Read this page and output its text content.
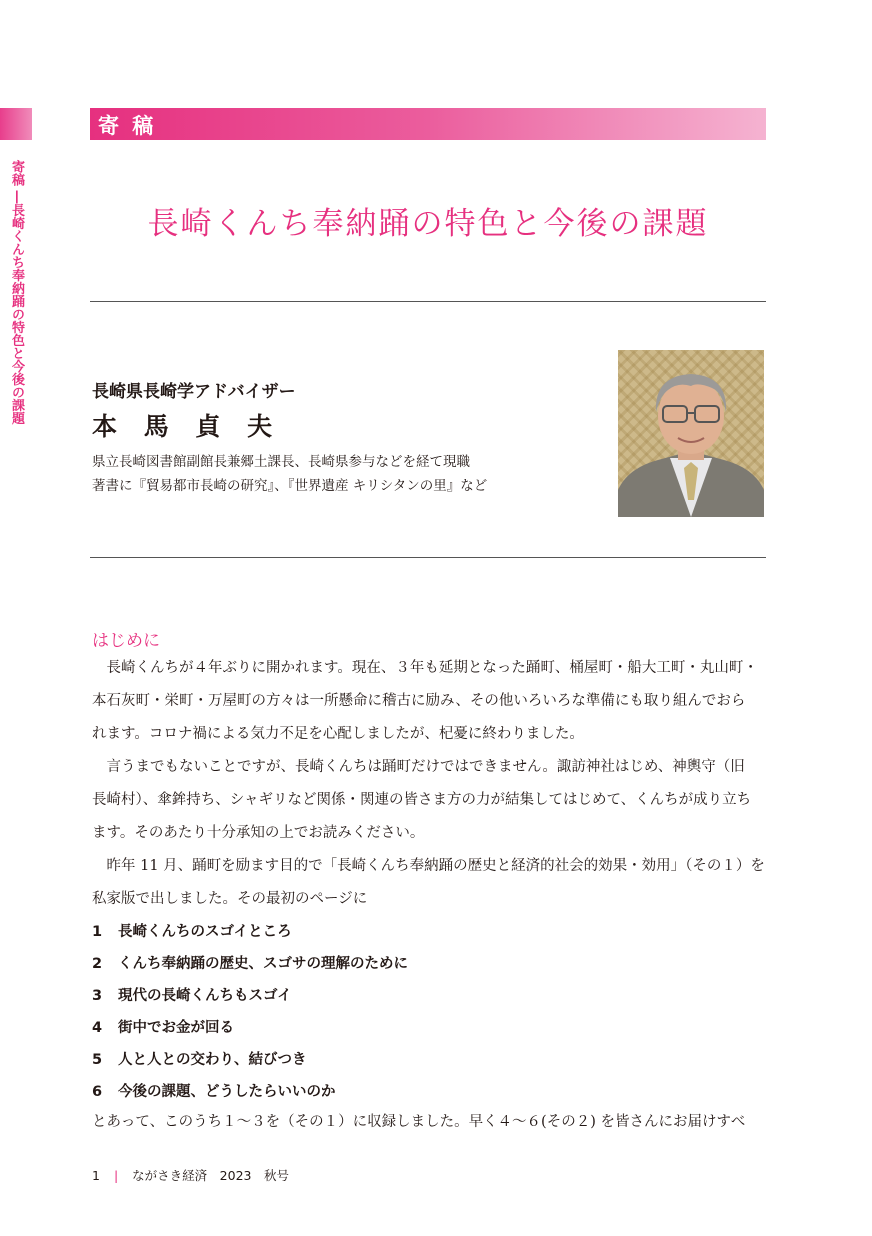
寄稿 ―長崎くんち奉納踊の特色と今後の課題
寄 稿
長崎くんち奉納踊の特色と今後の課題
長崎県長崎学アドバイザー
本 馬 貞 夫
県立長崎図書館副館長兼郷土課長、長崎県参与などを経て現職
著書に『貿易都市長崎の研究』、『世界遺産 キリシタンの里』など
はじめに
　長崎くんちが４年ぶりに開かれます。現在、３年も延期となった踊町、桶屋町・船大工町・丸山町・
本石灰町・栄町・万屋町の方々は一所懸命に稽古に励み、その他いろいろな準備にも取り組んでおら
れます。コロナ禍による気力不足を心配しましたが、杞憂に終わりました。
　言うまでもないことですが、長崎くんちは踊町だけではできません。諏訪神社はじめ、神輿守（旧
長崎村）、傘鉾持ち、シャギリなど関係・関連の皆さま方の力が結集してはじめて、くんちが成り立ち
ます。そのあたり十分承知の上でお読みください。
　昨年 11 月、踊町を励ます目的で「長崎くんち奉納踊の歴史と経済的社会的効果・効用」（その１）を
私家版で出しました。その最初のページに
1 長崎くんちのスゴイところ
2 くんち奉納踊の歴史、スゴサの理解のために
3 現代の長崎くんちもスゴイ
4 街中でお金が回る
5 人と人との交わり、結びつき
6 今後の課題、どうしたらいいのか
とあって、このうち１～３を（その１）に収録しました。早く４～６(その２) を皆さんにお届けすべ
1 | ながさき経済　2023　秋号
